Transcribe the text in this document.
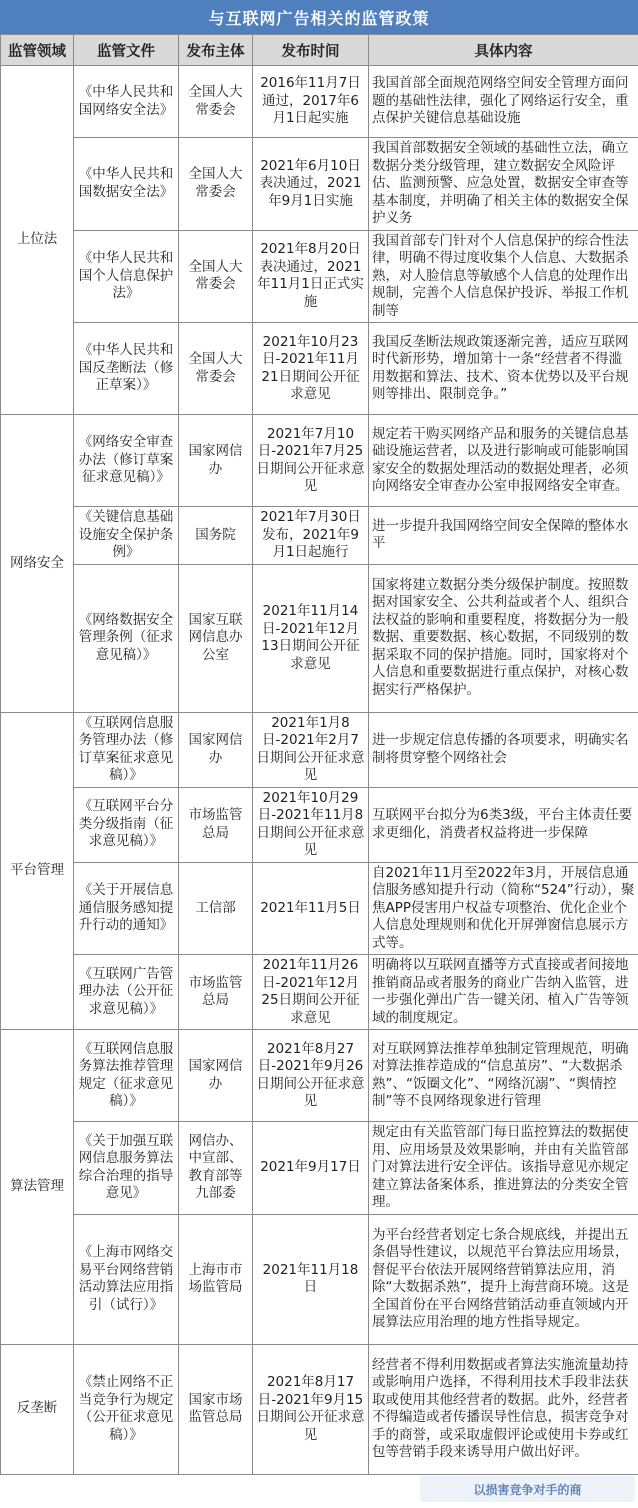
与互联网广告相关的监管政策
监管领域	监管文件	发布主体	发布时间	具体内容
上位法	《中华人民共和国网络安全法》	全国人大常委会	2016年11月7日通过，2017年6月1日起实施	我国首部全面规范网络空间安全管理方面问题的基础性法律，强化了网络运行安全，重点保护关键信息基础设施
	《中华人民共和国数据安全法》	全国人大常委会	2021年6月10日表决通过，2021年9月1日实施	我国首部数据安全领域的基础性立法，确立数据分类分级管理，建立数据安全风险评估、监测预警、应急处置，数据安全审查等基本制度，并明确了相关主体的数据安全保护义务
	《中华人民共和国个人信息保护法》	全国人大常委会	2021年8月20日表决通过，2021年11月1日正式实施	我国首部专门针对个人信息保护的综合性法律，明确不得过度收集个人信息、大数据杀熟，对人脸信息等敏感个人信息的处理作出规制，完善个人信息保护投诉、举报工作机制等
	《中华人民共和国反垄断法（修正草案）》	全国人大常委会	2021年10月23日-2021年11月21日期间公开征求意见	我国反垄断法规政策逐渐完善，适应互联网时代新形势，增加第十一条“经营者不得滥用数据和算法、技术、资本优势以及平台规则等排出、限制竞争。”
网络安全	《网络安全审查办法（修订草案征求意见稿）》	国家网信办	2021年7月10日-2021年7月25日期间公开征求意见	规定若干购买网络产品和服务的关键信息基础设施运营者，以及进行影响或可能影响国家安全的数据处理活动的数据处理者，必须向网络安全审查办公室申报网络安全审查。
	《关键信息基础设施安全保护条例》	国务院	2021年7月30日发布，2021年9月1日起施行	进一步提升我国网络空间安全保障的整体水平
	《网络数据安全管理条例（征求意见稿）》	国家互联网信息办公室	2021年11月14日-2021年12月13日期间公开征求意见	国家将建立数据分类分级保护制度。按照数据对国家安全、公共利益或者个人、组织合法权益的影响和重要程度，将数据分为一般数据、重要数据、核心数据，不同级别的数据采取不同的保护措施。同时，国家将对个人信息和重要数据进行重点保护，对核心数据实行严格保护。
平台管理	《互联网信息服务管理办法（修订草案征求意见稿）》	国家网信办	2021年1月8日-2021年2月7日期间公开征求意见	进一步规定信息传播的各项要求，明确实名制将贯穿整个网络社会
	《互联网平台分类分级指南（征求意见稿）》	市场监管总局	2021年10月29日-2021年11月8日期间公开征求意见	互联网平台拟分为6类3级，平台主体责任要求更细化，消费者权益将进一步保障
	《关于开展信息通信服务感知提升行动的通知》	工信部	2021年11月5日	自2021年11月至2022年3月，开展信息通信服务感知提升行动（简称“524”行动），聚焦APP侵害用户权益专项整治、优化企业个人信息处理规则和优化开屏弹窗信息展示方式等。
	《互联网广告管理办法（公开征求意见稿）》	市场监管总局	2021年11月26日-2021年12月25日期间公开征求意见	明确将以互联网直播等方式直接或者间接地推销商品或者服务的商业广告纳入监管，进一步强化弹出广告一键关闭、植入广告等领域的制度规定。
算法管理	《互联网信息服务算法推荐管理规定（征求意见稿）》	国家网信办	2021年8月27日-2021年9月26日期间公开征求意见	对互联网算法推荐单独制定管理规范，明确对算法推荐造成的“信息茧房”、“大数据杀熟”、“饭圈文化”、“网络沉溺”、“舆情控制”等不良网络现象进行管理
	《关于加强互联网信息服务算法综合治理的指导意见》	网信办、中宣部、教育部等九部委	2021年9月17日	规定由有关监管部门每日监控算法的数据使用、应用场景及效果影响，并由有关监管部门对算法进行安全评估。该指导意见亦规定建立算法备案体系，推进算法的分类安全管理。
	《上海市网络交易平台网络营销活动算法应用指引（试行）》	上海市市场监管局	2021年11月18日	为平台经营者划定七条合规底线，并提出五条倡导性建议，以规范平台算法应用场景，督促平台依法开展网络营销算法应用，消除“大数据杀熟”，提升上海营商环境。这是全国首份在平台网络营销活动垂直领域内开展算法应用治理的地方性指导规定。
反垄断	《禁止网络不正当竞争行为规定（公开征求意见稿）》	国家市场监管总局	2021年8月17日-2021年9月15日期间公开征求意见	经营者不得利用数据或者算法实施流量劫持或影响用户选择，不得利用技术手段非法获取或使用其他经营者的数据。此外，经营者不得编造或者传播误导性信息，损害竞争对手的商誉，或采取虚假评论或使用卡券或红包等营销手段来诱导用户做出好评。
以损害竞争对手的商
